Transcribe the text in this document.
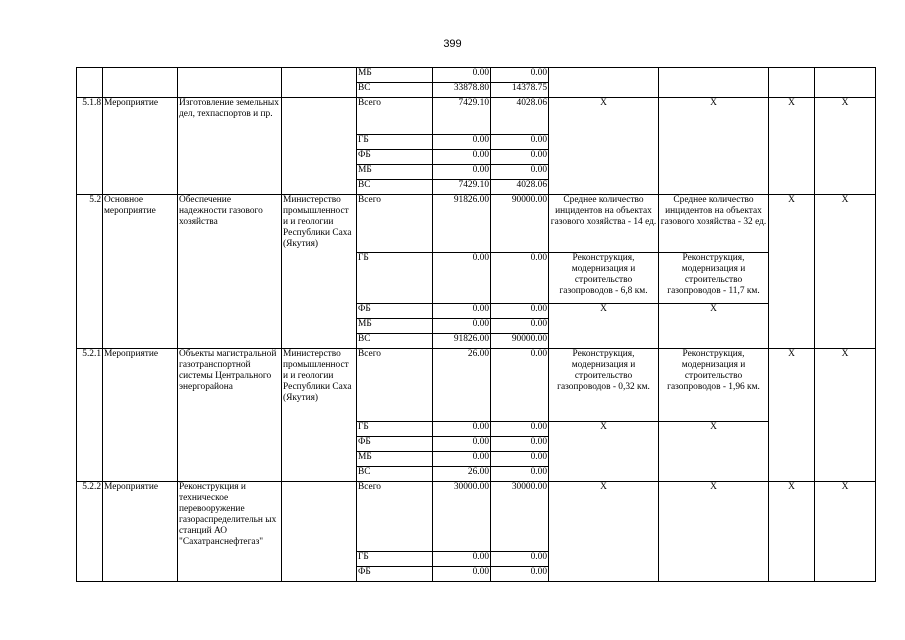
399
				МБ	0.00	0.00				
				ВС	33878.80	14378.75				
5.1.8	Мероприятие	Изготовление земельных дел, техпаспортов и пр.		Всего	7429.10	4028.06	X	X	X	X
				ГБ	0.00	0.00				
				ФБ	0.00	0.00				
				МБ	0.00	0.00				
				ВС	7429.10	4028.06				
5.2	Основное мероприятие	Обеспечение надежности газового хозяйства	Министерство промышленност и и геологии Республики Саха (Якутия)	Всего	91826.00	90000.00	Среднее количество инцидентов на объектах газового хозяйства - 14 ед.	Среднее количество инцидентов на объектах газового хозяйства - 32 ед.	X	X
				ГБ	0.00	0.00	Реконструкция, модернизация и строительство газопроводов - 6,8 км.	Реконструкция, модернизация и строительство газопроводов - 11,7 км.		
				ФБ	0.00	0.00	X	X		
				МБ	0.00	0.00				
				ВС	91826.00	90000.00				
5.2.1	Мероприятие	Объекты магистральной газотранспортной системы Центрального энергорайона	Министерство промышленност и и геологии Республики Саха (Якутия)	Всего	26.00	0.00	Реконструкция, модернизация и строительство газопроводов - 0,32 км.	Реконструкция, модернизация и строительство газопроводов - 1,96 км.	X	X
				ГБ	0.00	0.00	X	X		
				ФБ	0.00	0.00				
				МБ	0.00	0.00				
				ВС	26.00	0.00				
5.2.2	Мероприятие	Реконструкция и техническое перевооружение газораспределительн ых станций АО "Сахатранснефтегаз"		Всего	30000.00	30000.00	X	X	X	X
				ГБ	0.00	0.00				
				ФБ	0.00	0.00				
